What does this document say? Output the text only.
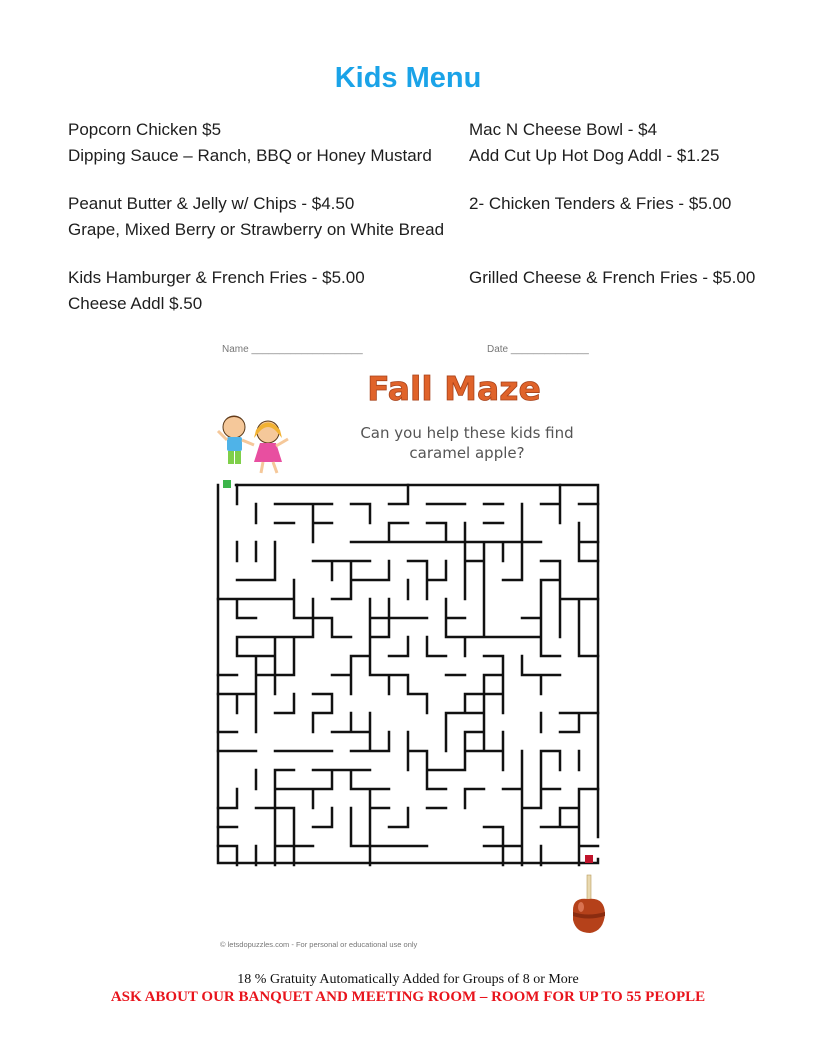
Kids Menu
Popcorn Chicken $5
Dipping Sauce – Ranch, BBQ or Honey Mustard
Peanut Butter & Jelly w/ Chips - $4.50
Grape, Mixed Berry or Strawberry on White Bread
Kids Hamburger & French Fries - $5.00
Cheese Addl $.50
Mac N Cheese Bowl - $4
Add Cut Up Hot Dog Addl - $1.25
2- Chicken Tenders & Fries - $5.00
Grilled Cheese & French Fries - $5.00
Name ____________________	Date ______________
Fall Maze
Can you help these kids find
caramel apple?
© letsdopuzzles.com - For personal or educational use only
18 % Gratuity Automatically Added for Groups of 8 or More
ASK ABOUT OUR BANQUET AND MEETING ROOM – ROOM FOR UP TO 55 PEOPLE
